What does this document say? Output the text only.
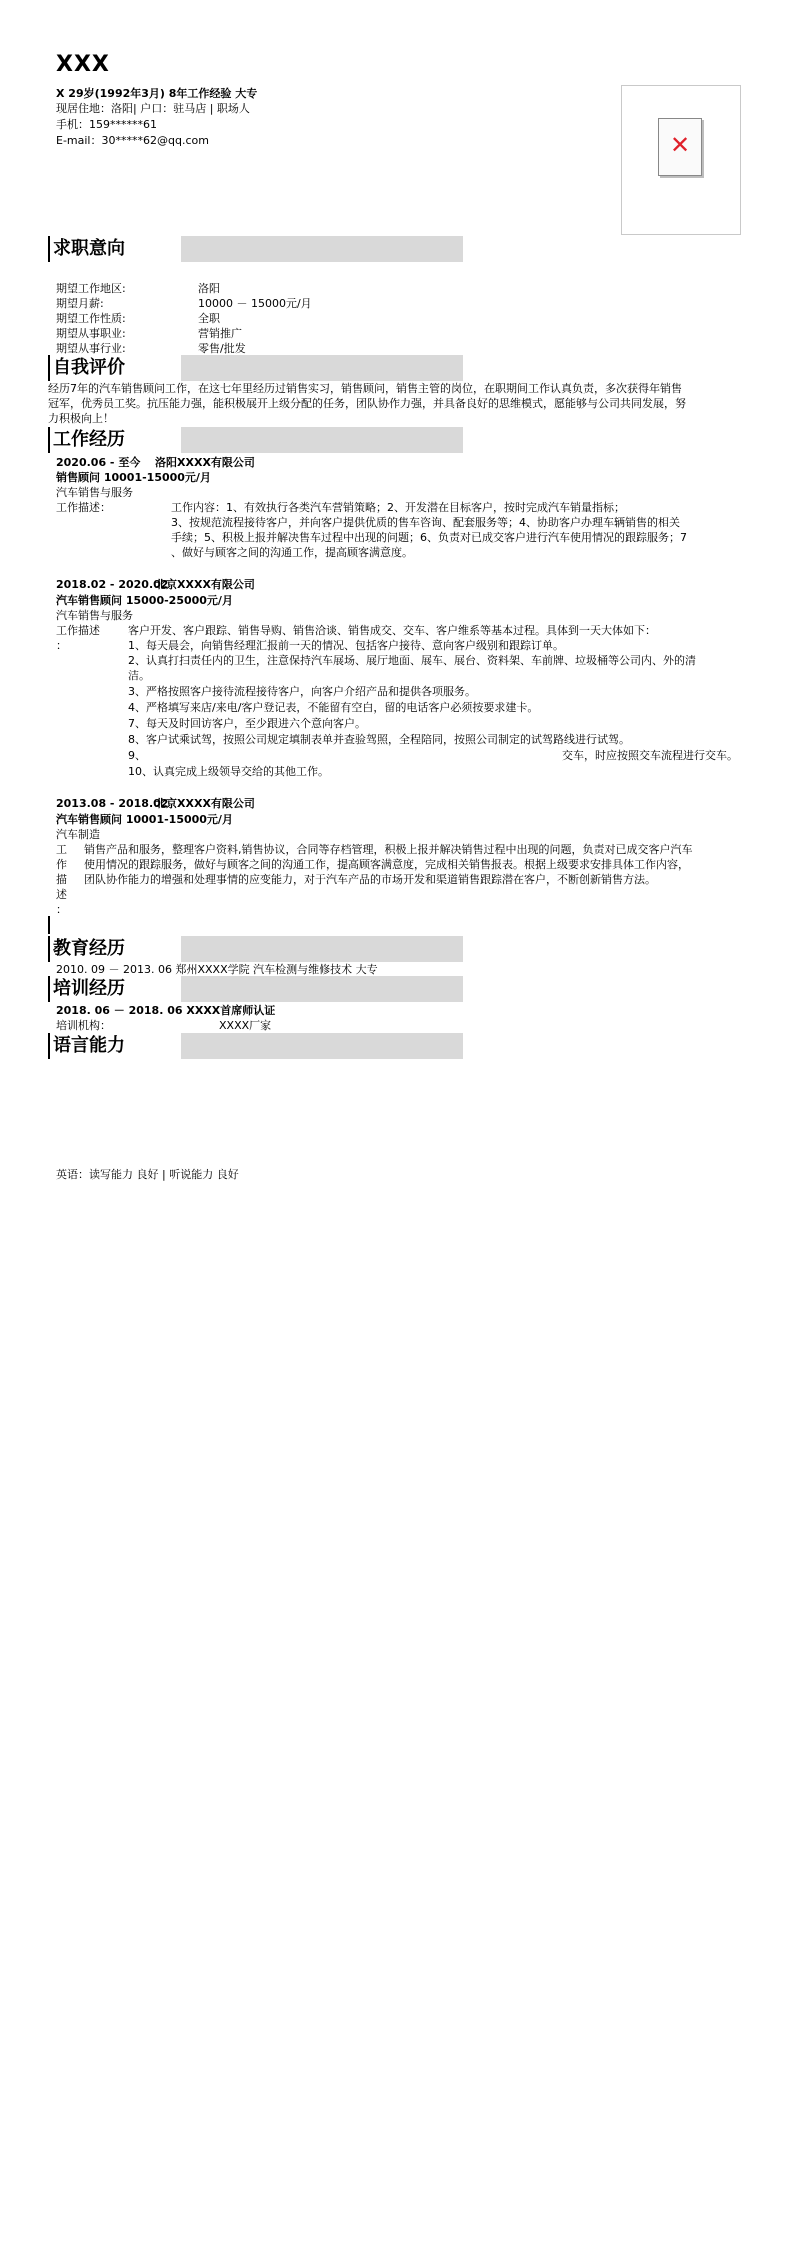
XXX
X 29岁(1992年3月) 8年工作经验 大专
现居住地：洛阳| 户口：驻马店 | 职场人
手机：159******61
E-mail：30*****62@qq.com	✕
求职意向
期望工作地区:	洛阳
期望月薪:	10000 － 15000元/月
期望工作性质:	全职
期望从事职业:	营销推广
期望从事行业:	零售/批发
自我评价
经历7年的汽车销售顾问工作，在这七年里经历过销售实习，销售顾问，销售主管的岗位，在职期间工作认真负责，多次获得年销售
冠军，优秀员工奖。抗压能力强，能积极展开上级分配的任务，团队协作力强，并具备良好的思维模式，愿能够与公司共同发展，努
力积极向上！
工作经历
2020.06 - 至今 洛阳XXXX有限公司
销售顾问 10001-15000元/月
汽车销售与服务
工作描述：	工作内容：1、有效执行各类汽车营销策略；2、开发潜在目标客户，按时完成汽车销量指标；
3、按规范流程接待客户，并向客户提供优质的售车咨询、配套服务等；4、协助客户办理车辆销售的相关
手续；5、积极上报并解决售车过程中出现的问题；6、负责对已成交客户进行汽车使用情况的跟踪服务；7
、做好与顾客之间的沟通工作，提高顾客满意度。
2018.02 - 2020.02
北京XXXX有限公司
汽车销售顾问 15000-25000元/月
汽车销售与服务
工作描述
：
客户开发、客户跟踪、销售导购、销售洽谈、销售成交、交车、客户维系等基本过程。具体到一天大体如下：
1、每天晨会，向销售经理汇报前一天的情况、包括客户接待、意向客户级别和跟踪订单。
2、认真打扫责任内的卫生，注意保持汽车展场、展厅地面、展车、展台、资料架、车前牌、垃圾桶等公司内、外的清
洁。
3、严格按照客户接待流程接待客户，向客户介绍产品和提供各项服务。
4、严格填写来店/来电/客户登记表，不能留有空白，留的电话客户必须按要求建卡。
7、每天及时回访客户，至少跟进六个意向客户。
8、客户试乘试驾，按照公司规定填制表单并查验驾照，全程陪同，按照公司制定的试驾路线进行试驾。
9、	交车，时应按照交车流程进行交车。
10、认真完成上级领导交给的其他工作。
2013.08 - 2018.02
北京XXXX有限公司
汽车销售顾问 10001-15000元/月
汽车制造
工
作
描
述
：
销售产品和服务，整理客户资料,销售协议，合同等存档管理，积极上报并解决销售过程中出现的问题，负责对已成交客户汽车
使用情况的跟踪服务，做好与顾客之间的沟通工作，提高顾客满意度，完成相关销售报表。根据上级要求安排具体工作内容，
团队协作能力的增强和处理事情的应变能力，对于汽车产品的市场开发和渠道销售跟踪潜在客户，不断创新销售方法。
教育经历
2010. 09 － 2013. 06 郑州XXXX学院 汽车检测与维修技术 大专
培训经历
2018. 06 － 2018. 06 XXXX首席师认证
培训机构：	XXXX厂家
语言能力
英语：读写能力 良好 | 听说能力 良好
